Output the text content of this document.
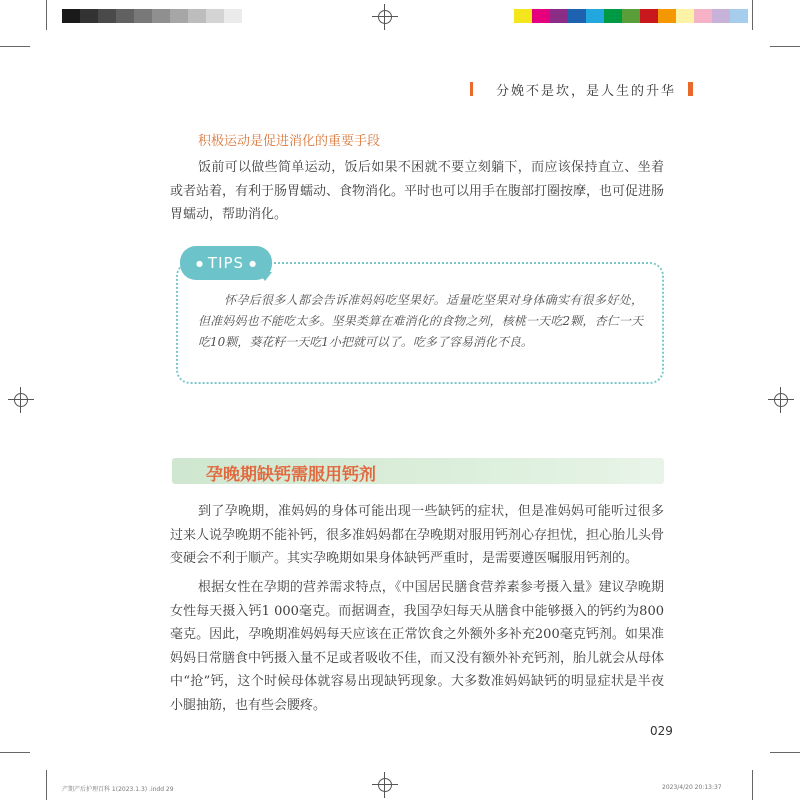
分娩不是坎，是人生的升华
积极运动是促进消化的重要手段
饭前可以做些简单运动，饭后如果不困就不要立刻躺下，而应该保持直立、坐着或者站着，有利于肠胃蠕动、食物消化。平时也可以用手在腹部打圈按摩，也可促进肠胃蠕动，帮助消化。
● TIPS ●
怀孕后很多人都会告诉准妈妈吃坚果好。适量吃坚果对身体确实有很多好处，但准妈妈也不能吃太多。坚果类算在难消化的食物之列，核桃一天吃2颗，杏仁一天吃10颗，葵花籽一天吃1小把就可以了。吃多了容易消化不良。
孕晚期缺钙需服用钙剂
到了孕晚期，准妈妈的身体可能出现一些缺钙的症状，但是准妈妈可能听过很多过来人说孕晚期不能补钙，很多准妈妈都在孕晚期对服用钙剂心存担忧，担心胎儿头骨变硬会不利于顺产。其实孕晚期如果身体缺钙严重时，是需要遵医嘱服用钙剂的。
根据女性在孕期的营养需求特点，《中国居民膳食营养素参考摄入量》建议孕晚期女性每天摄入钙1 000毫克。而据调查，我国孕妇每天从膳食中能够摄入的钙约为800毫克。因此，孕晚期准妈妈每天应该在正常饮食之外额外多补充200毫克钙剂。如果准妈妈日常膳食中钙摄入量不足或者吸收不佳，而又没有额外补充钙剂，胎儿就会从母体中“抢”钙，这个时候母体就容易出现缺钙现象。大多数准妈妈缺钙的明显症状是半夜小腿抽筋，也有些会腰疼。
029
产期产后护理百科 1(2023.1.3) .indd 29	2023/4/20 20:13:37
